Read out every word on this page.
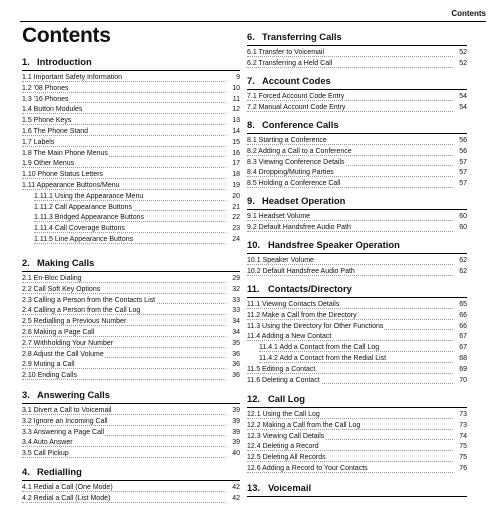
Contents
Contents
1. Introduction
1.1 Important Safety Information	9
1.2 '08 Phones	10
1.3 '16 Phones	11
1.4 Button Modules	12
1.5 Phone Keys	13
1.6 The Phone Stand	14
1.7 Labels	15
1.8 The Main Phone Menus	16
1.9 Other Menus	17
1.10 Phone Status Letters	18
1.11 Appearance Buttons/Menu	19
1.11.1 Using the Appearance Menu	20
1.11.2 Call Appearance Buttons	21
1.11.3 Bridged Appearance Buttons	22
1.11.4 Call Coverage Buttons	23
1.11.5 Line Appearance Buttons	24
2. Making Calls
2.1 En-Bloc Dialing	29
2.2 Call Soft Key Options	32
2.3 Calling a Person from the Contacts List	33
2.4 Calling a Person from the Call Log	33
2.5 Redialling a Previous Number	34
2.6 Making a Page Call	34
2.7 Withholding Your Number	35
2.8 Adjust the Call Volume	36
2.9 Muting a Call	36
2.10 Ending Calls	36
3. Answering Calls
3.1 Divert a Call to Voicemail	39
3.2 Ignore an Incoming Call	39
3.3 Answering a Page Call	39
3.4 Auto Answer	39
3.5 Call Pickup	40
4. Redialling
4.1 Redial a Call (One Mode)	42
4.2 Redial a Call (List Mode)	42
6. Transferring Calls
6.1 Transfer to Voicemail	52
6.2 Transferring a Held Call	52
7. Account Codes
7.1 Forced Account Code Entry	54
7.2 Manual Account Code Entry	54
8. Conference Calls
8.1 Starting a Conference	56
8.2 Adding a Call to a Conference	56
8.3 Viewing Conference Details	57
8.4 Dropping/Muting Parties	57
8.5 Holding a Conference Call	57
9. Headset Operation
9.1 Headset Volume	60
9.2 Default Handsfree Audio Path	60
10. Handsfree Speaker Operation
10.1 Speaker Volume	62
10.2 Default Handsfree Audio Path	62
11. Contacts/Directory
11.1 Viewing Contacts Details	65
11.2 Make a Call from the Directory	66
11.3 Using the Directory for Other Functions	66
11.4 Adding a New Contact	67
11.4.1 Add a Contact from the Call Log	67
11.4.2 Add a Contact from the Redial List	68
11.5 Editing a Contact	69
11.6 Deleting a Contact	70
12. Call Log
12.1 Using the Call Log	73
12.2 Making a Call from the Call Log	73
12.3 Viewing Call Details	74
12.4 Deleting a Record	75
12.5 Deleting All Records	75
12.6 Adding a Record to Your Contacts	76
13. Voicemail
